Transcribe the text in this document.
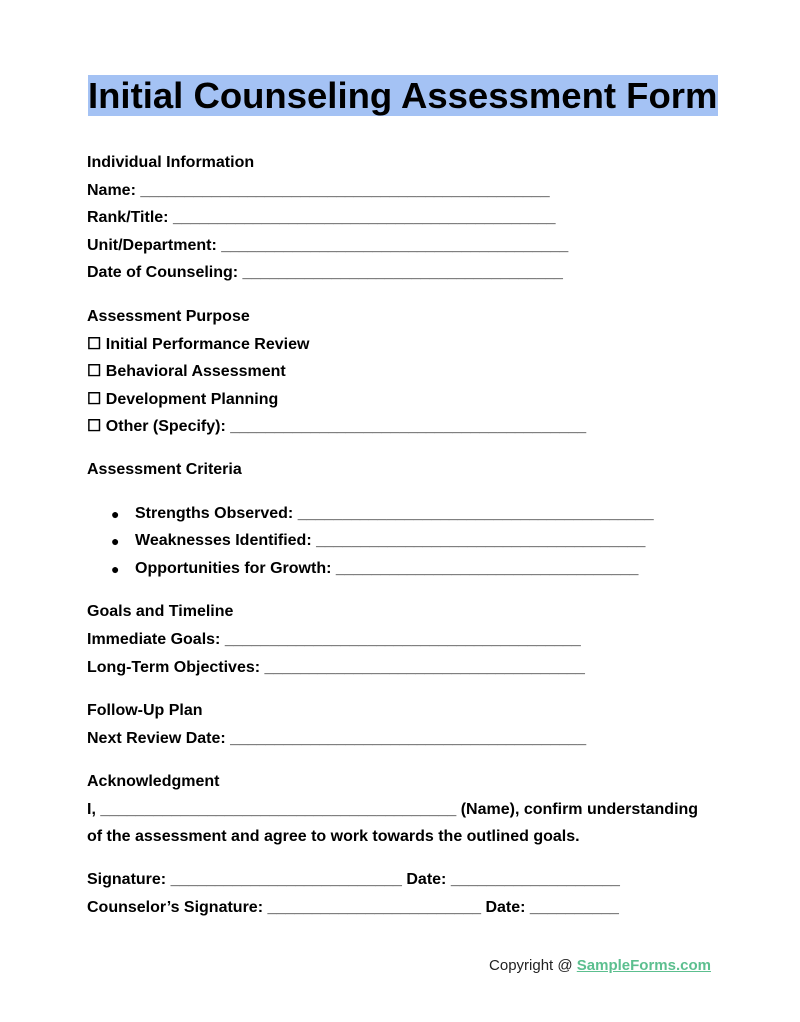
Initial Counseling Assessment Form
Individual Information
Name: ______________________________________________
Rank/Title: ___________________________________________
Unit/Department: _______________________________________
Date of Counseling: ____________________________________
Assessment Purpose
☐ Initial Performance Review
☐ Behavioral Assessment
☐ Development Planning
☐ Other (Specify): ________________________________________
Assessment Criteria
● Strengths Observed: ________________________________________
● Weaknesses Identified: _____________________________________
● Opportunities for Growth: __________________________________
Goals and Timeline
Immediate Goals: ________________________________________
Long-Term Objectives: ____________________________________
Follow-Up Plan
Next Review Date: ________________________________________
Acknowledgment
I, ________________________________________ (Name), confirm understanding
of the assessment and agree to work towards the outlined goals.
Signature: __________________________ Date: ___________________
Counselor’s Signature: ________________________ Date: __________
Copyright @ SampleForms.com
